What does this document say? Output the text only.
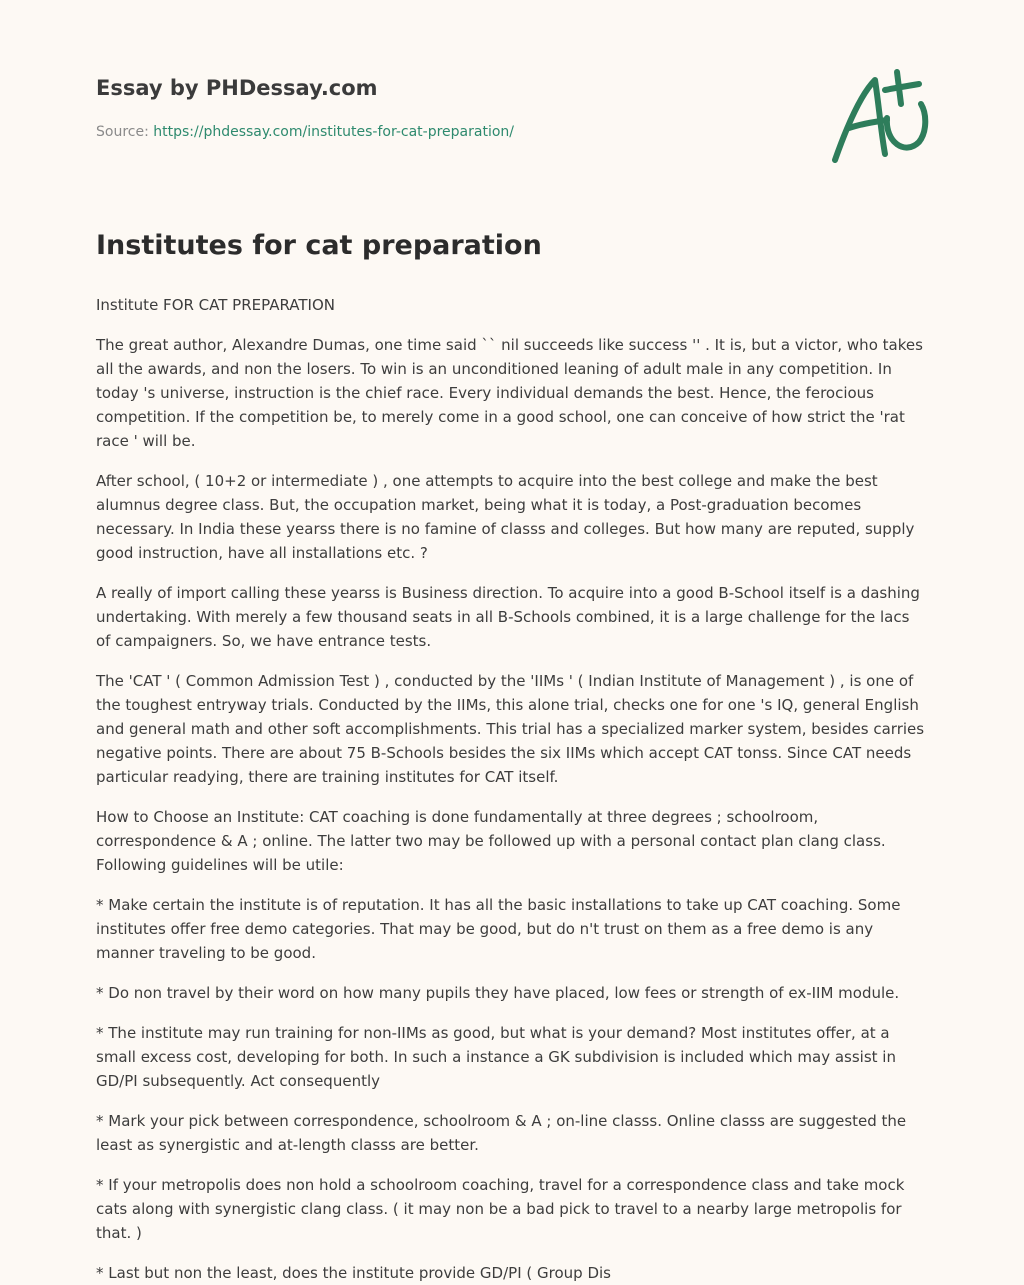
Essay by PHDessay.com
Source: https://phdessay.com/institutes-for-cat-preparation/
Institutes for cat preparation

Institute FOR CAT PREPARATION

The great author, Alexandre Dumas, one time said `` nil succeeds like success '' . It is, but a victor, who takes all the awards, and non the losers. To win is an unconditioned leaning of adult male in any competition. In today 's universe, instruction is the chief race. Every individual demands the best. Hence, the ferocious competition. If the competition be, to merely come in a good school, one can conceive of how strict the 'rat race ' will be.

After school, ( 10+2 or intermediate ) , one attempts to acquire into the best college and make the best alumnus degree class. But, the occupation market, being what it is today, a Post-graduation becomes necessary. In India these yearss there is no famine of classs and colleges. But how many are reputed, supply good instruction, have all installations etc. ?

A really of import calling these yearss is Business direction. To acquire into a good B-School itself is a dashing undertaking. With merely a few thousand seats in all B-Schools combined, it is a large challenge for the lacs of campaigners. So, we have entrance tests.

The 'CAT ' ( Common Admission Test ) , conducted by the 'IIMs ' ( Indian Institute of Management ) , is one of the toughest entryway trials. Conducted by the IIMs, this alone trial, checks one for one 's IQ, general English and general math and other soft accomplishments. This trial has a specialized marker system, besides carries negative points. There are about 75 B-Schools besides the six IIMs which accept CAT tonss. Since CAT needs particular readying, there are training institutes for CAT itself.

How to Choose an Institute: CAT coaching is done fundamentally at three degrees ; schoolroom, correspondence & A ; online. The latter two may be followed up with a personal contact plan clang class. Following guidelines will be utile:

* Make certain the institute is of reputation. It has all the basic installations to take up CAT coaching. Some institutes offer free demo categories. That may be good, but do n't trust on them as a free demo is any manner traveling to be good.

* Do non travel by their word on how many pupils they have placed, low fees or strength of ex-IIM module.

* The institute may run training for non-IIMs as good, but what is your demand? Most institutes offer, at a small excess cost, developing for both. In such a instance a GK subdivision is included which may assist in GD/PI subsequently. Act consequently

* Mark your pick between correspondence, schoolroom & A ; on-line classs. Online classs are suggested the least as synergistic and at-length classs are better.

* If your metropolis does non hold a schoolroom coaching, travel for a correspondence class and take mock cats along with synergistic clang class. ( it may non be a bad pick to travel to a nearby large metropolis for that. )

* Last but non the least, does the institute provide GD/PI ( Group Dis
